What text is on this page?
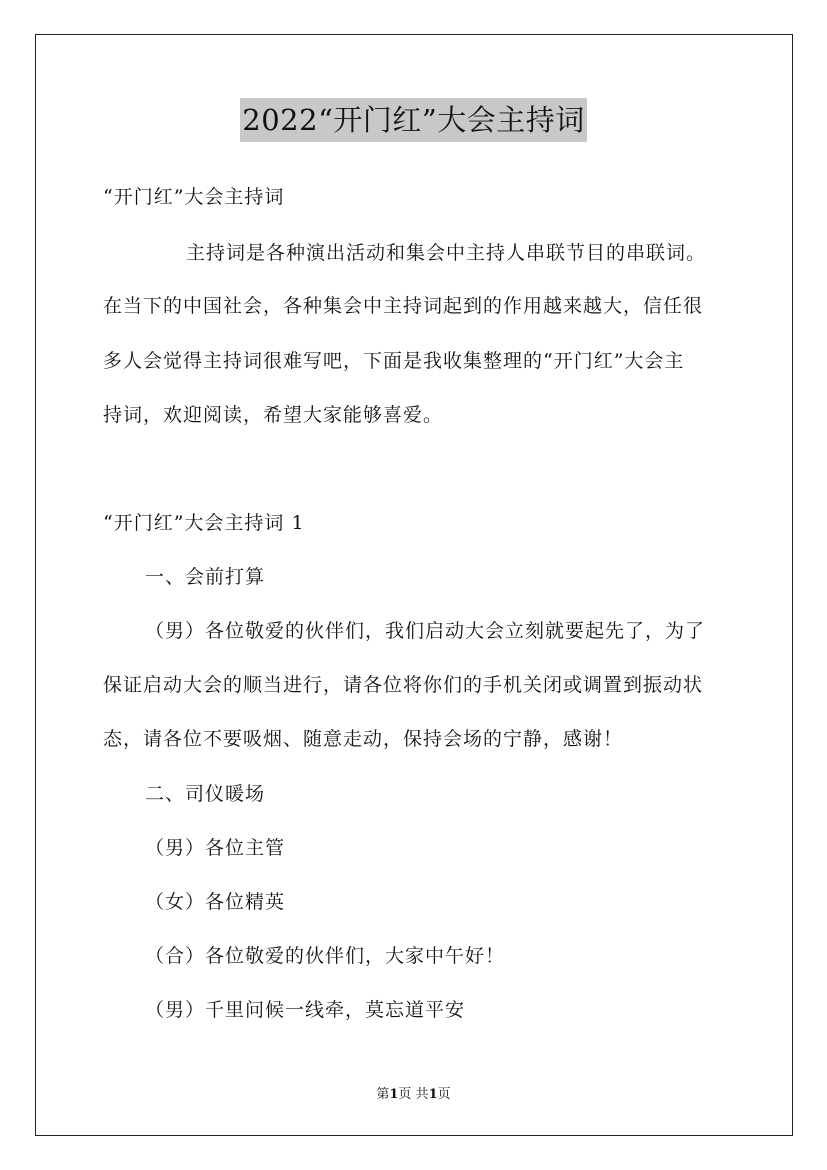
2022“开门红”大会主持词
“开门红”大会主持词
主持词是各种演出活动和集会中主持人串联节目的串联词。
在当下的中国社会，各种集会中主持词起到的作用越来越大，信任很
多人会觉得主持词很难写吧，下面是我收集整理的“开门红”大会主
持词，欢迎阅读，希望大家能够喜爱。
“开门红”大会主持词 1
一、会前打算
（男）各位敬爱的伙伴们，我们启动大会立刻就要起先了，为了
保证启动大会的顺当进行，请各位将你们的手机关闭或调置到振动状
态，请各位不要吸烟、随意走动，保持会场的宁静，感谢！
二、司仪暖场
（男）各位主管
（女）各位精英
（合）各位敬爱的伙伴们，大家中午好！
（男）千里问候一线牵，莫忘道平安
第1页 共1页
